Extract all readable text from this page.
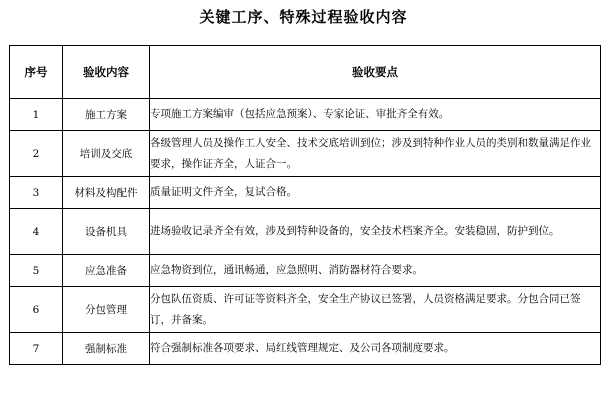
关键工序、特殊过程验收内容
序号	验收内容	验收要点
1	施工方案	专项施工方案编审（包括应急预案）、专家论证、审批齐全有效。
2	培训及交底	各级管理人员及操作工人安全、技术交底培训到位；涉及到特种作业人员的类别和数量满足作业要求，操作证齐全，人证合一。
3	材料及构配件	质量证明文件齐全，复试合格。
4	设备机具	进场验收记录齐全有效，涉及到特种设备的，安全技术档案齐全。安装稳固，防护到位。
5	应急准备	应急物资到位，通讯畅通，应急照明、消防器材符合要求。
6	分包管理	分包队伍资质、许可证等资料齐全，安全生产协议已签署，人员资格满足要求。分包合同已签订，并备案。
7	强制标准	符合强制标准各项要求、局红线管理规定、及公司各项制度要求。
